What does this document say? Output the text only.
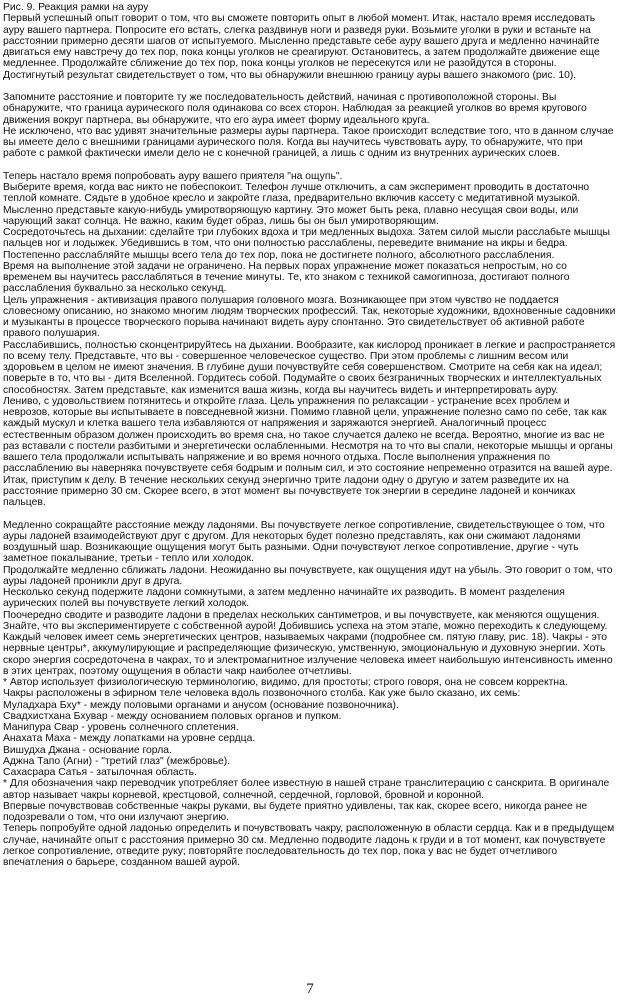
Рис. 9. Реакция рамки на ауру

Первый успешный опыт говорит о том, что вы сможете повторить опыт в любой момент. Итак, настало время исследовать ауру вашего партнера. Попросите его встать, слегка раздвинув ноги и разведя руки. Возьмите уголки в руки и встаньте на расстоянии примерно десяти шагов от испытуемого. Мысленно представьте себе ауру вашего друга и медленно начинайте двигаться ему навстречу до тех пор, пока концы уголков не среагируют. Остановитесь, а затем продолжайте движение еще медленнее. Продолжайте сближение до тех пор, пока концы уголков не пересекутся или не разойдутся в стороны. Достигнутый результат свидетельствует о том, что вы обнаружили внешнюю границу ауры вашего знакомого (рис. 10).

Запомните расстояние и повторите ту же последовательность действий, начиная с противоположной стороны. Вы обнаружите, что граница аурического поля одинакова со всех сторон. Наблюдая за реакцией уголков во время кругового движения вокруг партнера, вы обнаружите, что его аура имеет форму идеального круга.

Не исключено, что вас удивят значительные размеры ауры партнера. Такое происходит вследствие того, что в данном случае вы имеете дело с внешними границами аурического поля. Когда вы научитесь чувствовать ауру, то обнаружите, что при работе с рамкой фактически имели дело не с конечной границей, а лишь с одним из внутренних аурических слоев.

Теперь настало время попробовать ауру вашего приятеля "на ощупь".

Выберите время, когда вас никто не побеспокоит. Телефон лучше отключить, а сам эксперимент проводить в достаточно теплой комнате. Сядьте в удобное кресло и закройте глаза, предварительно включив кассету с медитативной музыкой. Мысленно представьте какую-нибудь умиротворяющую картину. Это может быть река, плавно несущая свои воды, или чарующий закат солнца. Не важно, каким будет образ, лишь бы он был умиротворяющим.

Сосредоточьтесь на дыхании: сделайте три глубоких вдоха и три медленных выдоха. Затем силой мысли расслабьте мышцы пальцев ног и лодыжек. Убедившись в том, что они полностью расслаблены, переведите внимание на икры и бедра. Постепенно расслабляйте мышцы всего тела до тех пор, пока не достигнете полного, абсолютного расслабления.

Время на выполнение этой задачи не ограничено. На первых порах упражнение может показаться непростым, но со временем вы научитесь расслабляться в течение минуты. Те, кто знаком с техникой самогипноза, достигают полного расслабления буквально за несколько секунд.

Цель упражнения - активизация правого полушария головного мозга. Возникающее при этом чувство не поддается словесному описанию, но знакомо многим людям творческих профессий. Так, некоторые художники, вдохновенные садовники и музыканты в процессе творческого порыва начинают видеть ауру спонтанно. Это свидетельствует об активной работе правого полушария.

Расслабившись, полностью сконцентрируйтесь на дыхании. Вообразите, как кислород проникает в легкие и распространяется по всему телу. Представьте, что вы - совершенное человеческое существо. При этом проблемы с лишним весом или здоровьем в целом не имеют значения. В глубине души почувствуйте себя совершенством. Смотрите на себя как на идеал; поверьте в то, что вы - дитя Вселенной. Гордитесь собой. Подумайте о своих безграничных творческих и интеллектуальных способностях. Затем представьте, как изменится ваша жизнь, когда вы научитесь видеть и интерпретировать ауру.

Лениво, с удовольствием потянитесь и откройте глаза. Цель упражнения по релаксации - устранение всех проблем и неврозов, которые вы испытываете в повседневной жизни. Помимо главной цели, упражнение полезно само по себе, так как каждый мускул и клетка вашего тела избавляются от напряжения и заряжаются энергией. Аналогичный процесс естественным образом должен происходить во время сна, но такое случается далеко не всегда. Вероятно, многие из вас не раз вставали с постели разбитыми и энергетически ослабленными. Несмотря на то что вы спали, некоторые мышцы и органы вашего тела продолжали испытывать напряжение и во время ночного отдыха. После выполнения упражнения по расслаблению вы наверняка почувствуете себя бодрым и полным сил, и это состояние непременно отразится на вашей ауре.

Итак, приступим к делу. В течение нескольких секунд энергично трите ладони одну о другую и затем разведите их на расстояние примерно 30 см. Скорее всего, в этот момент вы почувствуете ток энергии в середине ладоней и кончиках пальцев.

Медленно сокращайте расстояние между ладонями. Вы почувствуете легкое сопротивление, свидетельствующее о том, что ауры ладоней взаимодействуют друг с другом. Для некоторых будет полезно представлять, как они сжимают ладонями воздушный шар. Возникающие ощущения могут быть разными. Одни почувствуют легкое сопротивление, другие - чуть заметное покалывание, третьи - тепло или холодок.

Продолжайте медленно сближать ладони. Неожиданно вы почувствуете, как ощущения идут на убыль. Это говорит о том, что ауры ладоней проникли друг в друга.

Несколько секунд подержите ладони сомкнутыми, а затем медленно начинайте их разводить. В момент разделения аурических полей вы почувствуете легкий холодок.

Поочередно сводите и разводите ладони в пределах нескольких сантиметров, и вы почувствуете, как меняются ощущения. Знайте, что вы экспериментируете с собственной аурой! Добившись успеха на этом этапе, можно переходить к следующему.

Каждый человек имеет семь энергетических центров, называемых чакрами (подробнее см. пятую главу, рис. 18). Чакры - это нервные центры*, аккумулирующие и распределяющие физическую, умственную, эмоциональную и духовную энергии. Хоть скоро энергия сосредоточена в чакрах, то и электромагнитное излучение человека имеет наибольшую интенсивность именно в этих центрах, поэтому ощущения в области чакр наиболее отчетливы.

* Автор использует физиологическую терминологию, видимо, для простоты; строго говоря, она не совсем корректна.

Чакры расположены в эфирном теле человека вдоль позвоночного столба. Как уже было сказано, их семь:

Муладхара Бху* - между половыми органами и анусом (основание позвоночника).

Свадхистхана Бхувар - между основанием половых органов и пупком.

Манипура Свар - уровень солнечного сплетения.

Анахата Маха - между лопатками на уровне сердца.

Вишудха Джана - основание горла.

Аджна Тапо (Агни) - "третий глаз" (межбровье).

Сахасрара Сатья - затылочная область.

* Для обозначения чакр переводчик употребляет более известную в нашей стране транслитерацию с санскрита. В оригинале автор называет чакры корневой, крестцовой, солнечной, сердечной, горловой, бровной и коронной.

Впервые почувствовав собственные чакры руками, вы будете приятно удивлены, так как, скорее всего, никогда ранее не подозревали о том, что они излучают энергию.

Теперь попробуйте одной ладонью определить и почувствовать чакру, расположенную в области сердца. Как и в предыдущем случае, начинайте опыт с расстояния примерно 30 см. Медленно подводите ладонь к груди и в тот момент, как почувствуете легкое сопротивление, отведите руку; повторяйте последовательность до тех пор, пока у вас не будет отчетливого впечатления о барьере, созданном вашей аурой.

7
